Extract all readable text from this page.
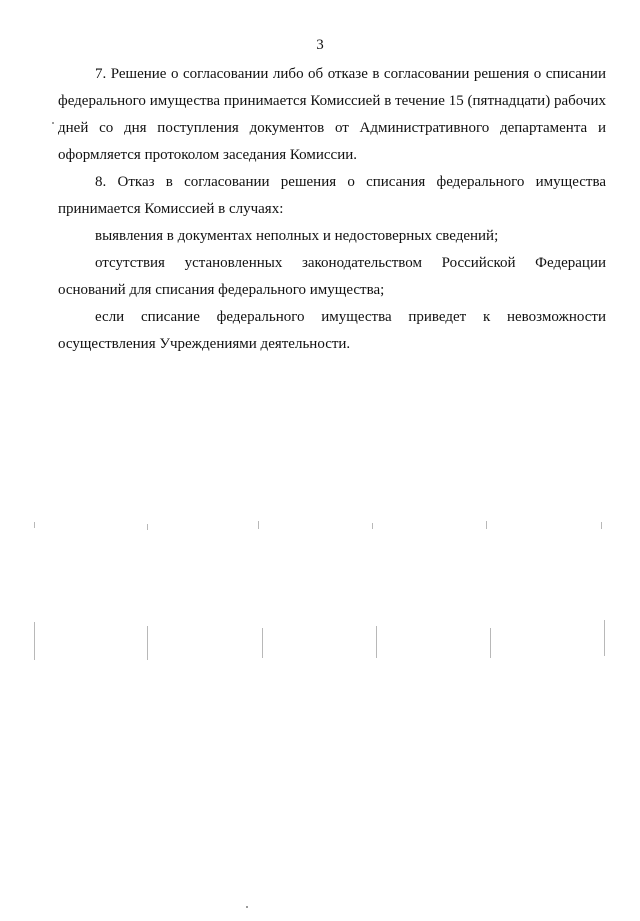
3

7. Решение о согласовании либо об отказе в согласовании решения о списании федерального имущества принимается Комиссией в течение 15 (пятнадцати) рабочих дней со дня поступления документов от Административного департамента и оформляется протоколом заседания Комиссии.

8. Отказ в согласовании решения о списания федерального имущества принимается Комиссией в случаях:

выявления в документах неполных и недостоверных сведений;

отсутствия установленных законодательством Российской Федерации оснований для списания федерального имущества;

если списание федерального имущества приведет к невозможности осуществления Учреждениями деятельности.
